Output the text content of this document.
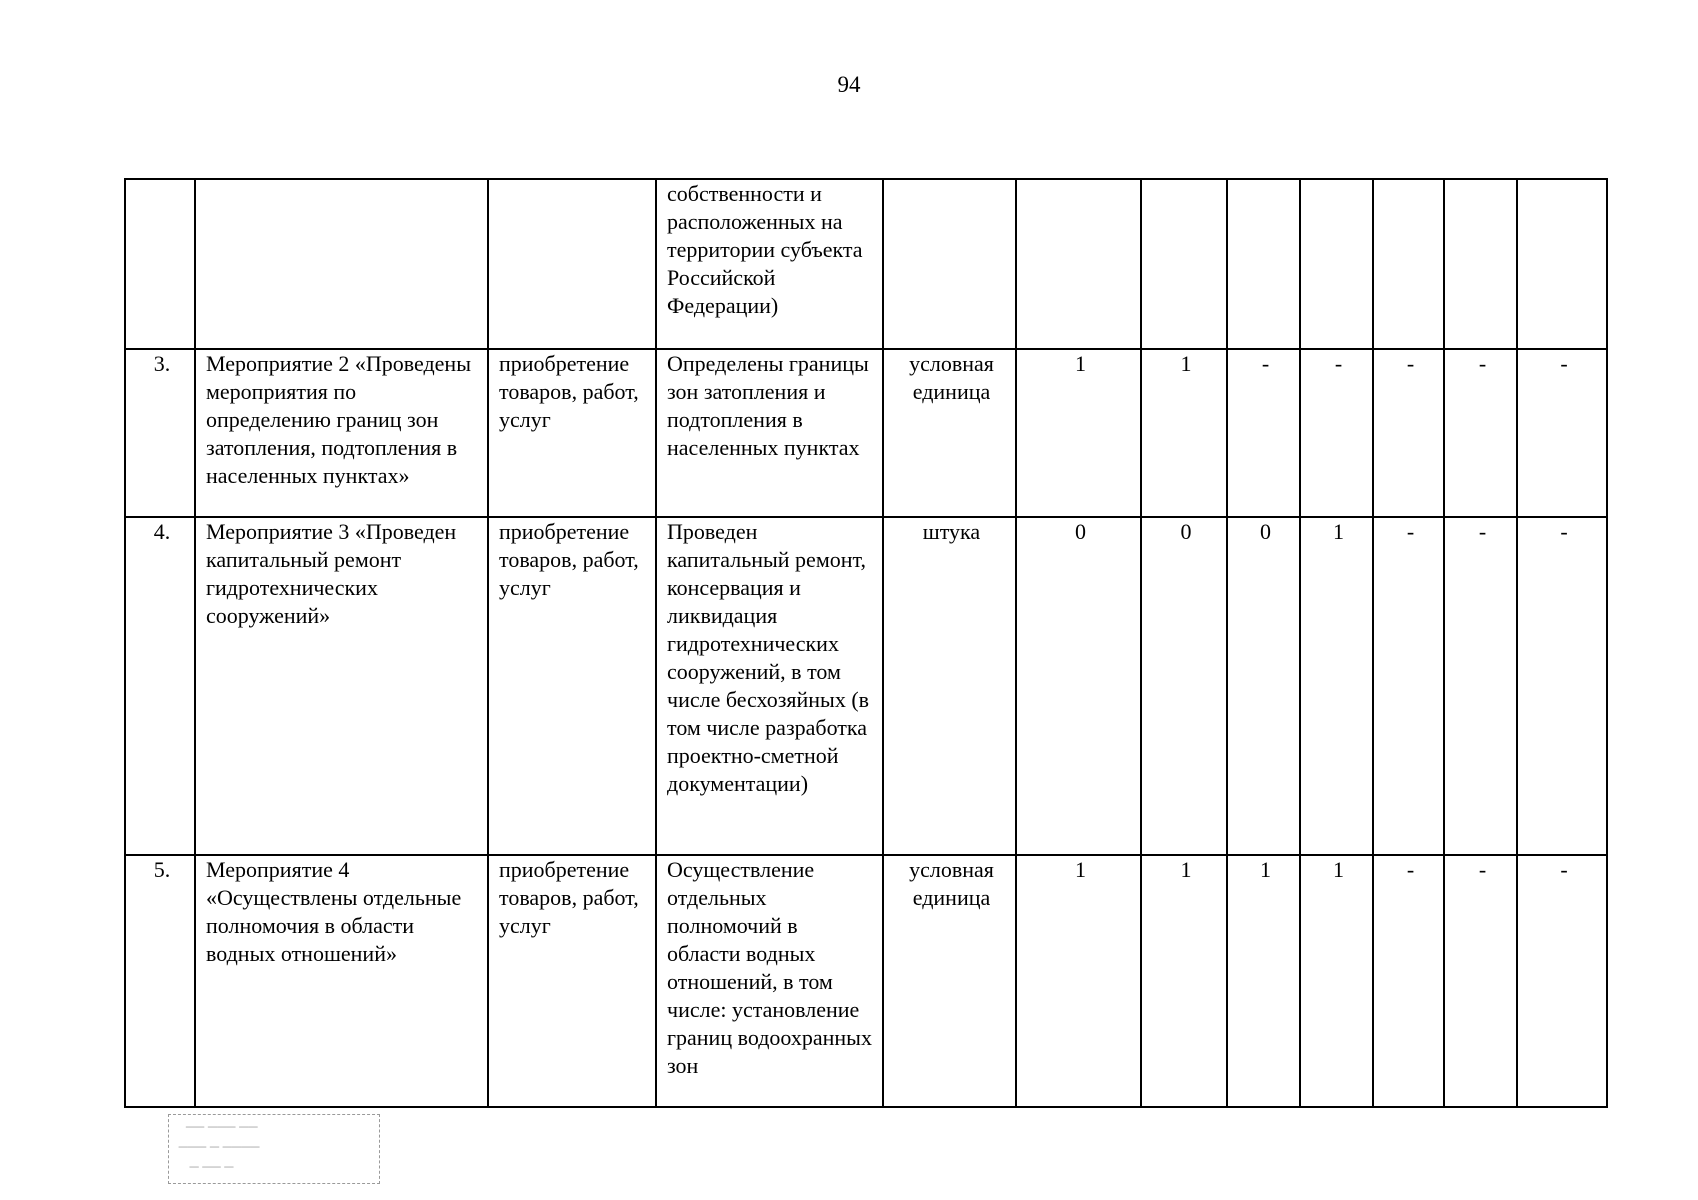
94
			собственности и расположенных на территории субъекта Российской Федерации)								
3.	Мероприятие 2 «Проведены мероприятия по определению границ зон затопления, подтопления в населенных пунктах»	приобретение товаров, работ, услуг	Определены границы зон затопления и подтопления в населенных пунктах	условная единица	1	1	-	-	-	-	-
4.	Мероприятие 3 «Проведен капитальный ремонт гидротехнических сооружений»	приобретение товаров, работ, услуг	Проведен капитальный ремонт, консервация и ликвидация гидротехнических сооружений, в том числе бесхозяйных (в том числе разработка проектно-сметной документации)	штука	0	0	0	1	-	-	-
5.	Мероприятие 4 «Осуществлены отдельные полномочия в области водных отношений»	приобретение товаров, работ, услуг	Осуществление отдельных полномочий в области водных отношений, в том числе: установление границ водоохранных зон	условная единица	1	1	1	1	-	-	-
── ─── ──
─── ─ ────
─ ── ─
